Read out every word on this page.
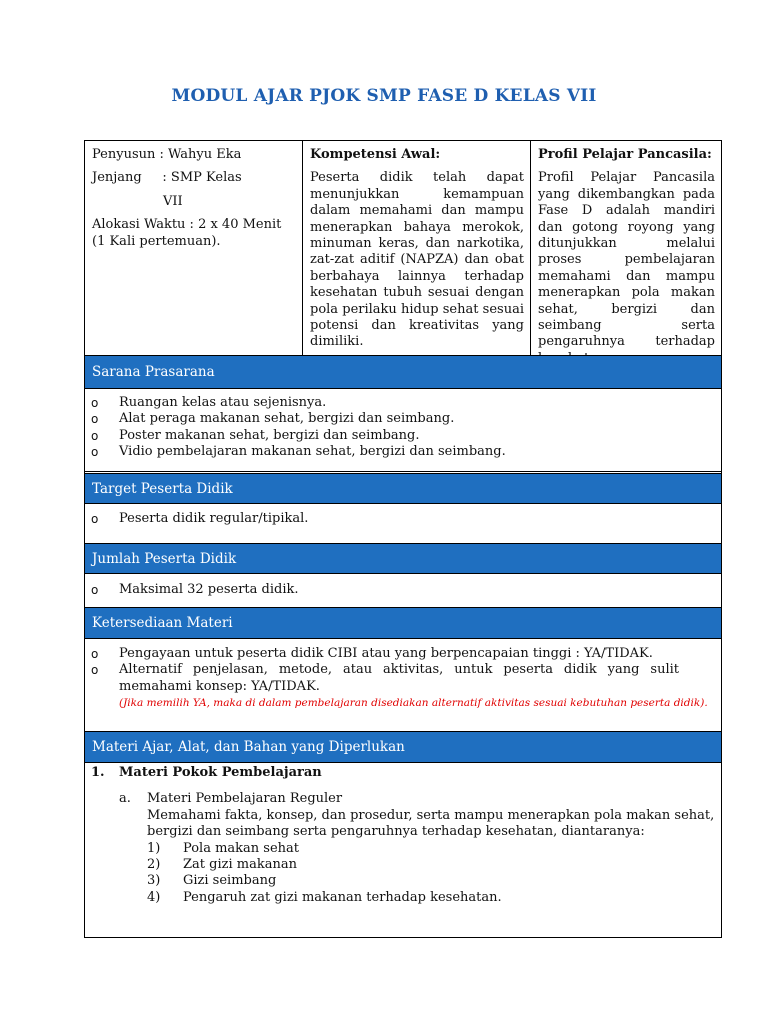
MODUL AJAR PJOK SMP FASE D KELAS VII
Penyusun : Wahyu Eka
Jenjang     : SMP Kelas
VII
Alokasi Waktu : 2 x 40 Menit (1 Kali pertemuan).
Kompetensi Awal:
Peserta didik telah dapat menunjukkan kemampuan dalam memahami dan mampu menerapkan bahaya merokok, minuman keras, dan narkotika, zat-zat aditif (NAPZA) dan obat berbahaya lainnya terhadap kesehatan tubuh sesuai dengan pola perilaku hidup sehat sesuai potensi dan kreativitas yang dimiliki.
Profil Pelajar Pancasila:
Profil Pelajar Pancasila yang dikembangkan pada Fase D adalah mandiri dan gotong royong yang ditunjukkan melalui proses pembelajaran memahami dan mampu menerapkan pola makan sehat, bergizi dan seimbang serta pengaruhnya terhadap
Sarana Prasarana
o Ruangan kelas atau sejenisnya.
o Alat peraga makanan sehat, bergizi dan seimbang.
o Poster makanan sehat, bergizi dan seimbang.
o Vidio pembelajaran makanan sehat, bergizi dan seimbang.
Target Peserta Didik
o Peserta didik regular/tipikal.
Jumlah Peserta Didik
o Maksimal 32 peserta didik.
Ketersediaan Materi
o Pengayaan untuk peserta didik CIBI atau yang berpencapaian tinggi : YA/TIDAK.
o Alternatif penjelasan, metode, atau aktivitas, untuk peserta didik yang sulit memahami konsep: YA/TIDAK.
(Jika memilih YA, maka di dalam pembelajaran disediakan alternatif aktivitas sesuai kebutuhan peserta didik).
Materi Ajar, Alat, dan Bahan yang Diperlukan
1. Materi Pokok Pembelajaran
a. Materi Pembelajaran Reguler
Memahami fakta, konsep, dan prosedur, serta mampu menerapkan pola makan sehat, bergizi dan seimbang serta pengaruhnya terhadap kesehatan, diantaranya:
1) Pola makan sehat
2) Zat gizi makanan
3) Gizi seimbang
4) Pengaruh zat gizi makanan terhadap kesehatan.
